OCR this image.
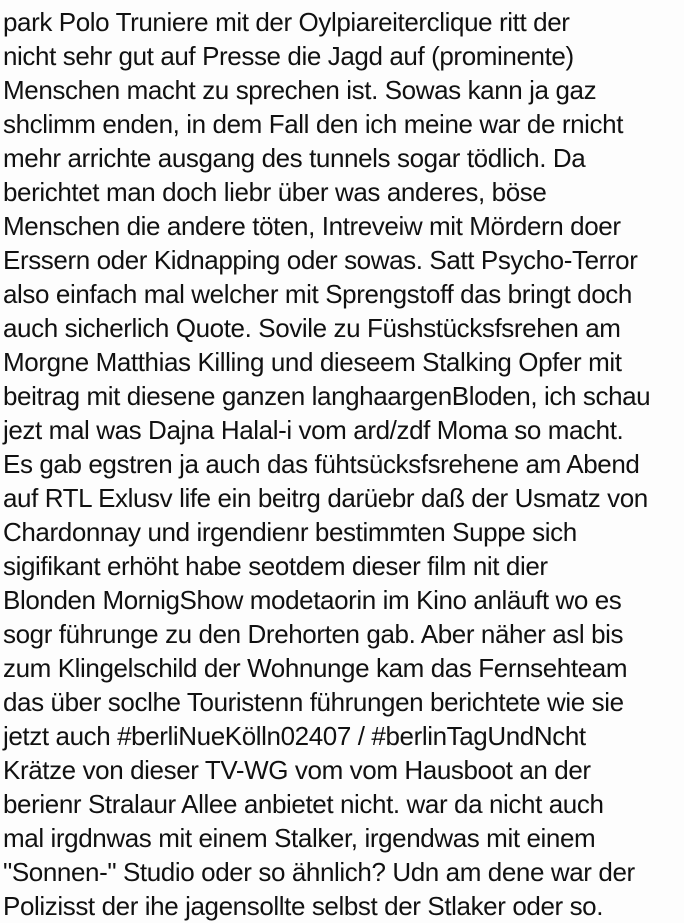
park Polo Truniere mit der Oylpiareiterclique ritt der
nicht sehr gut auf Presse die Jagd auf (prominente)
Menschen macht zu sprechen ist. Sowas kann ja gaz
shclimm enden, in dem Fall den ich meine war de rnicht
mehr arrichte ausgang des tunnels sogar tödlich. Da
berichtet man doch liebr über was anderes, böse
Menschen die andere töten, Intreveiw mit Mördern doer
Erssern oder Kidnapping oder sowas. Satt Psycho-Terror
also einfach mal welcher mit Sprengstoff das bringt doch
auch sicherlich Quote. Sovile zu Füshstücksfsrehen am
Morgne Matthias Killing und dieseem Stalking Opfer mit
beitrag mit diesene ganzen langhaargenBloden, ich schau
jezt mal was Dajna Halal-i vom ard/zdf Moma so macht.
Es gab egstren ja auch das fühtsücksfsrehene am Abend
auf RTL Exlusv life ein beitrg darüebr daß der Usmatz von
Chardonnay und irgendienr bestimmten Suppe sich
sigifikant erhöht habe seotdem dieser film nit dier
Blonden MornigShow modetaorin im Kino anläuft wo es
sogr führunge zu den Drehorten gab. Aber näher asl bis
zum Klingelschild der Wohnunge kam das Fernsehteam
das über soclhe Touristenn führungen berichtete wie sie
jetzt auch #berliNueKölln02407 / #berlinTagUndNcht
Krätze von dieser TV-WG vom vom Hausboot an der
berienr Stralaur Allee anbietet nicht. war da nicht auch
mal irgdnwas mit einem Stalker, irgendwas mit einem
"Sonnen-" Studio oder so ähnlich? Udn am dene war der
Polizisst der ihe jagensollte selbst der Stlaker oder so.
